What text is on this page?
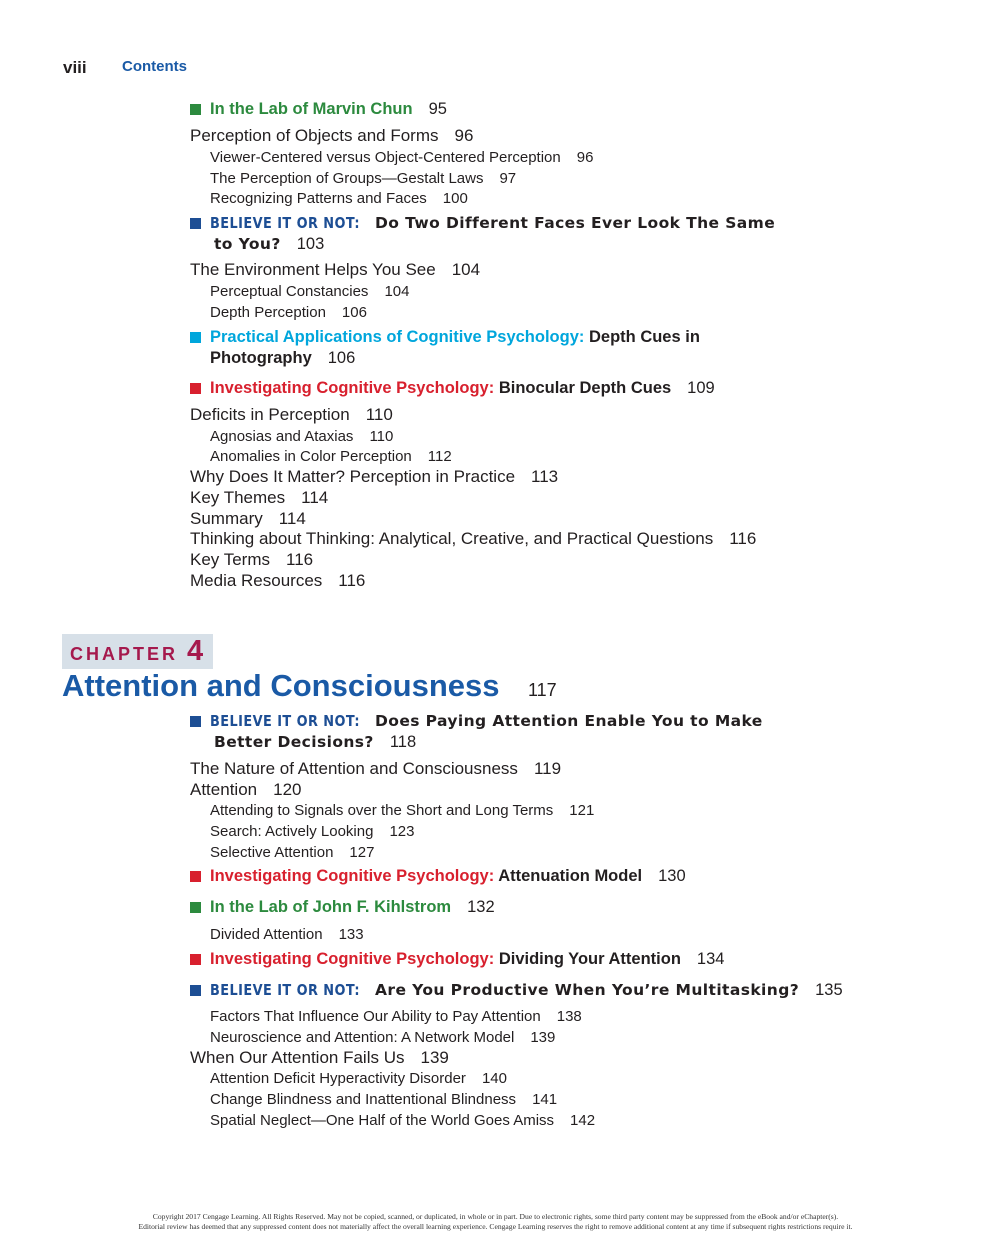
viii Contents
In the Lab of Marvin Chun 95
Perception of Objects and Forms 96
Viewer-Centered versus Object-Centered Perception 96
The Perception of Groups—Gestalt Laws 97
Recognizing Patterns and Faces 100
BELIEVE IT OR NOT: Do Two Different Faces Ever Look The Same
to You? 103
The Environment Helps You See 104
Perceptual Constancies 104
Depth Perception 106
Practical Applications of Cognitive Psychology: Depth Cues in
Photography 106
Investigating Cognitive Psychology: Binocular Depth Cues 109
Deficits in Perception 110
Agnosias and Ataxias 110
Anomalies in Color Perception 112
Why Does It Matter? Perception in Practice 113
Key Themes 114
Summary 114
Thinking about Thinking: Analytical, Creative, and Practical Questions 116
Key Terms 116
Media Resources 116
CHAPTER 4
Attention and Consciousness 117
BELIEVE IT OR NOT: Does Paying Attention Enable You to Make
Better Decisions? 118
The Nature of Attention and Consciousness 119
Attention 120
Attending to Signals over the Short and Long Terms 121
Search: Actively Looking 123
Selective Attention 127
Investigating Cognitive Psychology: Attenuation Model 130
In the Lab of John F. Kihlstrom 132
Divided Attention 133
Investigating Cognitive Psychology: Dividing Your Attention 134
BELIEVE IT OR NOT: Are You Productive When You’re Multitasking? 135
Factors That Influence Our Ability to Pay Attention 138
Neuroscience and Attention: A Network Model 139
When Our Attention Fails Us 139
Attention Deficit Hyperactivity Disorder 140
Change Blindness and Inattentional Blindness 141
Spatial Neglect—One Half of the World Goes Amiss 142
Copyright 2017 Cengage Learning. All Rights Reserved. May not be copied, scanned, or duplicated, in whole or in part. Due to electronic rights, some third party content may be suppressed from the eBook and/or eChapter(s).
Editorial review has deemed that any suppressed content does not materially affect the overall learning experience. Cengage Learning reserves the right to remove additional content at any time if subsequent rights restrictions require it.
